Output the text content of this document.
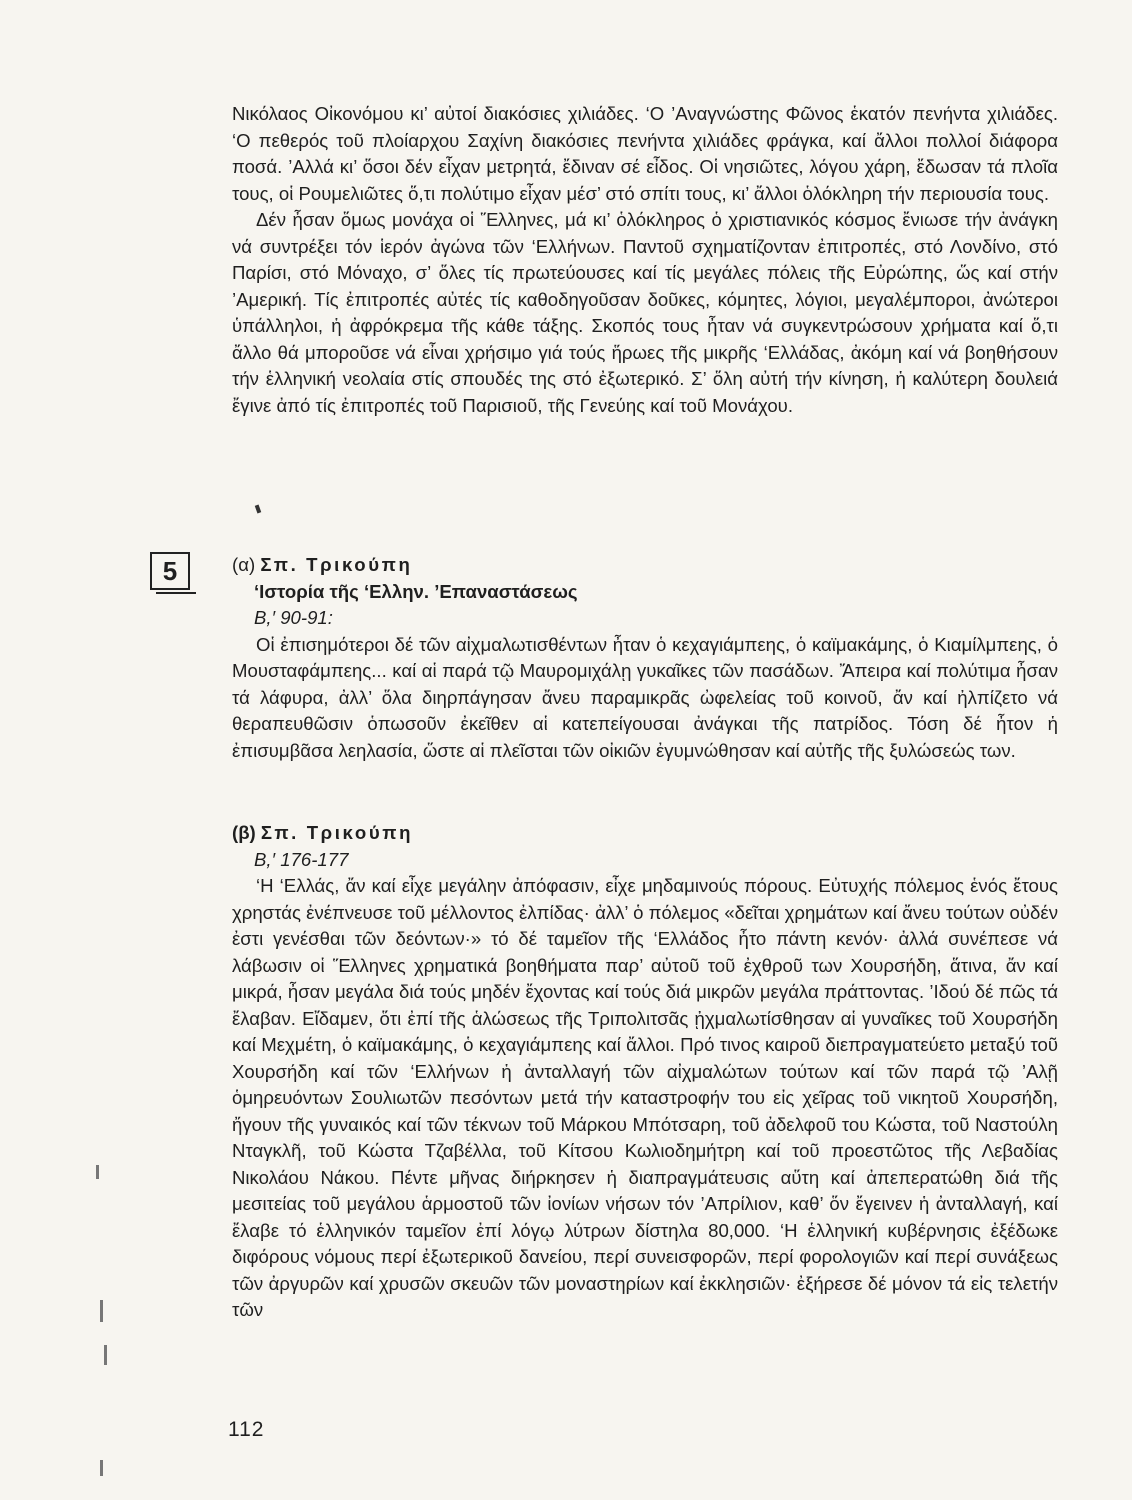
Νικόλαος Οἰκονόμου κι’ αὐτοί διακόσιες χιλιάδες. ‘Ο ’Αναγνώστης Φῶνος ἑκατόν πενήντα χιλιάδες. ‘Ο πεθερός τοῦ πλοίαρχου Σαχίνη διακόσιες πενήντα χιλιάδες φράγκα, καί ἄλλοι πολλοί διάφορα ποσά. ’Αλλά κι’ ὅσοι δέν εἶχαν μετρητά, ἔδιναν σέ εἶδος. Οἱ νησιῶτες, λόγου χάρη, ἔδωσαν τά πλοῖα τους, οἱ Ρουμελιῶτες ὅ,τι πολύτιμο εἶχαν μέσ’ στό σπίτι τους, κι’ ἄλλοι ὁλόκληρη τήν περιουσία τους.

Δέν ἦσαν ὅμως μονάχα οἱ Ἕλληνες, μά κι’ ὁλόκληρος ὁ χριστιανικός κόσμος ἔνιωσε τήν ἀνάγκη νά συντρέξει τόν ἱερόν ἀγώνα τῶν ‘Ελλήνων. Παντοῦ σχηματίζονταν ἐπιτροπές, στό Λονδίνο, στό Παρίσι, στό Μόναχο, σ’ ὅλες τίς πρωτεύουσες καί τίς μεγάλες πόλεις τῆς Εὐρώπης, ὥς καί στήν ’Αμερική. Τίς ἐπιτροπές αὐτές τίς καθοδηγοῦσαν δοῦκες, κόμητες, λόγιοι, μεγαλέμποροι, ἀνώτεροι ὑπάλληλοι, ἡ ἀφρόκρεμα τῆς κάθε τάξης. Σκοπός τους ἦταν νά συγκεντρώσουν χρήματα καί ὅ,τι ἄλλο θά μποροῦσε νά εἶναι χρήσιμο γιά τούς ἥρωες τῆς μικρῆς ‘Ελλάδας, ἀκόμη καί νά βοηθήσουν τήν ἑλληνική νεολαία στίς σπουδές της στό ἐξωτερικό. Σ’ ὅλη αὐτή τήν κίνηση, ἡ καλύτερη δουλειά ἔγινε ἀπό τίς ἐπιτροπές τοῦ Παρισιοῦ, τῆς Γενεύης καί τοῦ Μονάχου.

5	(α) Σπ. Τρικούπη

‘Ιστορία τῆς ‘Ελλην. ’Επαναστάσεως

Β,′ 90-91:

Οἱ ἐπισημότεροι δέ τῶν αἰχμαλωτισθέντων ἦταν ὁ κεχαγιάμπεης, ὁ καϊμακάμης, ὁ Κιαμίλμπεης, ὁ Μουσταφάμπεης... καί αἱ παρά τῷ Μαυρομιχάλῃ γυκαῖκες τῶν πασάδων. Ἄπειρα καί πολύτιμα ἦσαν τά λάφυρα, ἀλλ’ ὅλα διηρπάγησαν ἄνευ παραμικρᾶς ὠφελείας τοῦ κοινοῦ, ἄν καί ἠλπίζετο νά θεραπευθῶσιν ὁπωσοῦν ἐκεῖθεν αἱ κατεπείγουσαι ἀνάγκαι τῆς πατρίδος. Τόση δέ ἦτον ἡ ἐπισυμβᾶσα λεηλασία, ὥστε αἱ πλεῖσται τῶν οἰκιῶν ἐγυμνώθησαν καί αὐτῆς τῆς ξυλώσεώς των.

(β) Σπ. Τρικούπη

Β,′ 176-177

‘Η ‘Ελλάς, ἄν καί εἶχε μεγάλην ἀπόφασιν, εἶχε μηδαμινούς πόρους. Εὐτυχής πόλεμος ἑνός ἔτους χρηστάς ἐνέπνευσε τοῦ μέλλοντος ἐλπίδας· ἀλλ’ ὁ πόλεμος «δεῖται χρημάτων καί ἄνευ τούτων οὐδέν ἐστι γενέσθαι τῶν δεόντων·» τό δέ ταμεῖον τῆς ‘Ελλάδος ἦτο πάντη κενόν· ἀλλά συνέπεσε νά λάβωσιν οἱ Ἕλληνες χρηματικά βοηθήματα παρ’ αὐτοῦ τοῦ ἐχθροῦ των Χουρσήδη, ἅτινα, ἄν καί μικρά, ἦσαν μεγάλα διά τούς μηδέν ἔχοντας καί τούς διά μικρῶν μεγάλα πράττοντας. ’Ιδού δέ πῶς τά ἔλαβαν. Εἴδαμεν, ὅτι ἐπί τῆς ἁλώσεως τῆς Τριπολιτσᾶς ᾐχμαλωτίσθησαν αἱ γυναῖκες τοῦ Χουρσήδη καί Μεχμέτη, ὁ καϊμακάμης, ὁ κεχαγιάμπεης καί ἄλλοι. Πρό τινος καιροῦ διεπραγματεύετο μεταξύ τοῦ Χουρσήδη καί τῶν ‘Ελλήνων ἡ ἀνταλλαγή τῶν αἰχμαλώτων τούτων καί τῶν παρά τῷ ’Αλῇ ὁμηρευόντων Σουλιωτῶν πεσόντων μετά τήν καταστροφήν του εἰς χεῖρας τοῦ νικητοῦ Χουρσήδη, ἤγουν τῆς γυναικός καί τῶν τέκνων τοῦ Μάρκου Μπότσαρη, τοῦ ἀδελφοῦ του Κώστα, τοῦ Ναστούλη Νταγκλῆ, τοῦ Κώστα Τζαβέλλα, τοῦ Κίτσου Κωλιοδημήτρη καί τοῦ προεστῶτος τῆς Λεβαδίας Νικολάου Νάκου. Πέντε μῆνας διήρκησεν ἡ διαπραγμάτευσις αὕτη καί ἀπεπερατώθη διά τῆς μεσιτείας τοῦ μεγάλου ἁρμοστοῦ τῶν ἰονίων νήσων τόν ’Απρίλιον, καθ’ ὅν ἔγεινεν ἡ ἀνταλλαγή, καί ἔλαβε τό ἑλληνικόν ταμεῖον ἐπί λόγῳ λύτρων δίστηλα 80,000. ‘Η ἑλληνική κυβέρνησις ἐξέδωκε διφόρους νόμους περί ἐξωτερικοῦ δανείου, περί συνεισφορῶν, περί φορολογιῶν καί περί συνάξεως τῶν ἀργυρῶν καί χρυσῶν σκευῶν τῶν μοναστηρίων καί ἐκκλησιῶν· ἐξήρεσε δέ μόνον τά εἰς τελετήν τῶν

112
